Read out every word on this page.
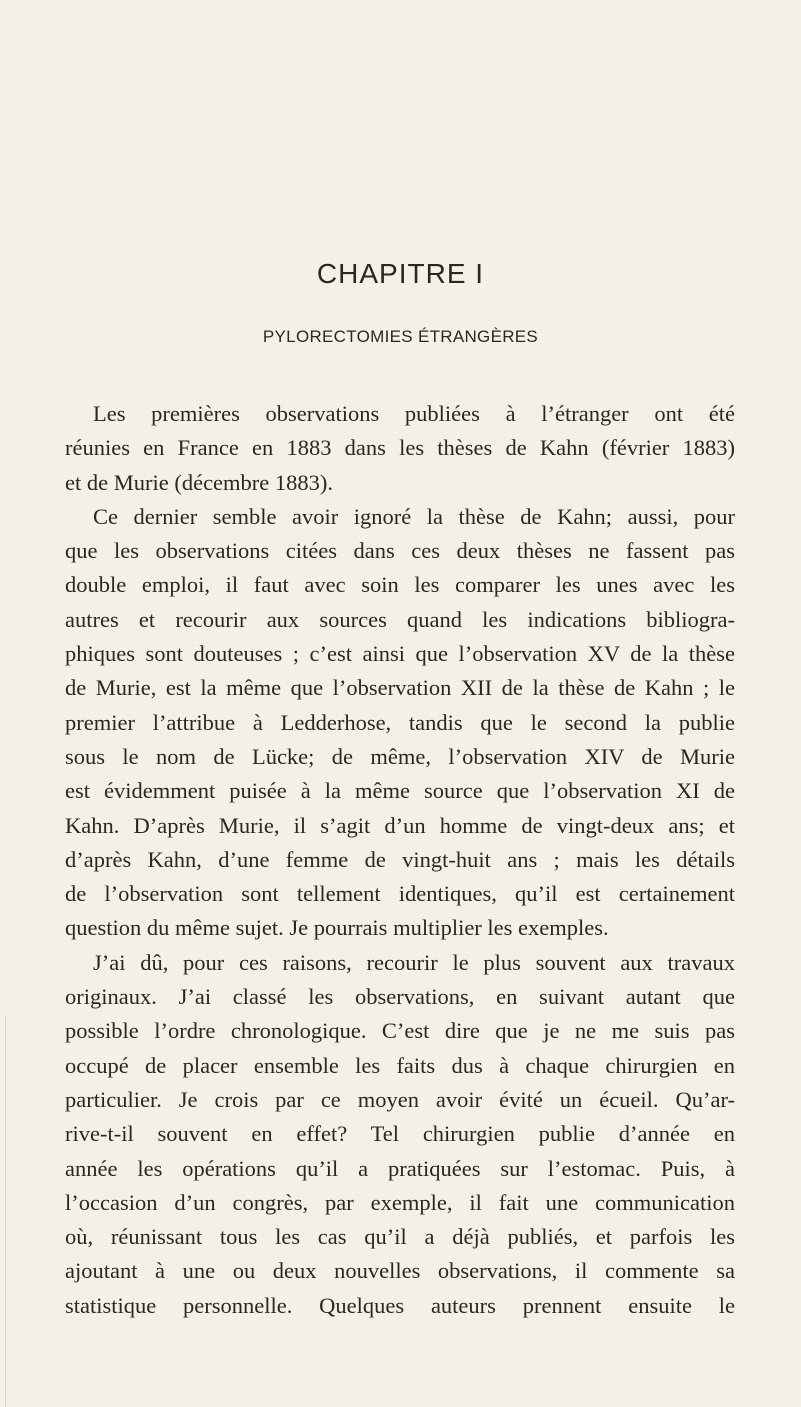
CHAPITRE I
PYLORECTOMIES ÉTRANGÈRES
Les premières observations publiées à l’étranger ont été
réunies en France en 1883 dans les thèses de Kahn (février 1883)
et de Murie (décembre 1883).
Ce dernier semble avoir ignoré la thèse de Kahn; aussi, pour
que les observations citées dans ces deux thèses ne fassent pas
double emploi, il faut avec soin les comparer les unes avec les
autres et recourir aux sources quand les indications bibliogra-
phiques sont douteuses ; c’est ainsi que l’observation XV de la thèse
de Murie, est la même que l’observation XII de la thèse de Kahn ; le
premier l’attribue à Ledderhose, tandis que le second la publie
sous le nom de Lücke; de même, l’observation XIV de Murie
est évidemment puisée à la même source que l’observation XI de
Kahn. D’après Murie, il s’agit d’un homme de vingt-deux ans; et
d’après Kahn, d’une femme de vingt-huit ans ; mais les détails
de l’observation sont tellement identiques, qu’il est certainement
question du même sujet. Je pourrais multiplier les exemples.
J’ai dû, pour ces raisons, recourir le plus souvent aux travaux
originaux. J’ai classé les observations, en suivant autant que
possible l’ordre chronologique. C’est dire que je ne me suis pas
occupé de placer ensemble les faits dus à chaque chirurgien en
particulier. Je crois par ce moyen avoir évité un écueil. Qu’ar-
rive-t-il souvent en effet? Tel chirurgien publie d’année en
année les opérations qu’il a pratiquées sur l’estomac. Puis, à
l’occasion d’un congrès, par exemple, il fait une communication
où, réunissant tous les cas qu’il a déjà publiés, et parfois les
ajoutant à une ou deux nouvelles observations, il commente sa
statistique personnelle. Quelques auteurs prennent ensuite le
